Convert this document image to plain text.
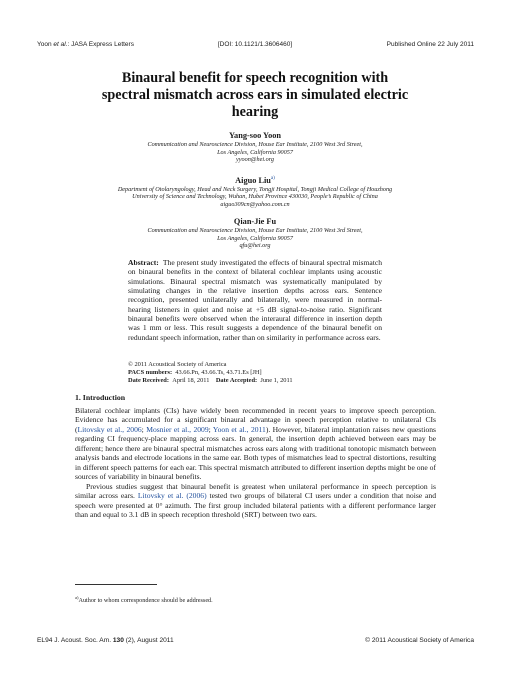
Yoon et al.: JASA Express Letters	[DOI: 10.1121/1.3606460]	Published Online 22 July 2011
Binaural benefit for speech recognition with
spectral mismatch across ears in simulated electric
hearing
Yang-soo Yoon
Communication and Neuroscience Division, House Ear Institute, 2100 West 3rd Street,
Los Angeles, California 90057
yyoon@hei.org
Aiguo Liu$^{a)}$
Department of Otolaryngology, Head and Neck Surgery, Tongji Hospital, Tongji Medical College of Houzhong
University of Science and Technology, Wuhan, Hubei Province 430030, People’s Republic of China
aiguo309cn@yahoo.com.cn
Qian-Jie Fu
Communication and Neuroscience Division, House Ear Institute, 2100 West 3rd Street,
Los Angeles, California 90057
qfu@hei.org
Abstract: The present study investigated the effects of binaural spectral mismatch on binaural benefits in the context of bilateral cochlear implants using acoustic simulations. Binaural spectral mismatch was systematically manipulated by simulating changes in the relative insertion depths across ears. Sentence recognition, presented unilaterally and bilaterally, were measured in normal-hearing listeners in quiet and noise at +5 dB signal-to-noise ratio. Significant binaural benefits were observed when the interaural difference in insertion depth was 1 mm or less. This result suggests a dependence of the binaural benefit on redundant speech information, rather than on similarity in performance across ears.
© 2011 Acoustical Society of America
PACS numbers: 43.66.Pn, 43.66.Ts, 43.71.Es [JH]
Date Received: April 18, 2011 Date Accepted: June 1, 2011
1. Introduction

Bilateral cochlear implants (CIs) have widely been recommended in recent years to improve speech perception. Evidence has accumulated for a significant binaural advantage in speech perception relative to unilateral CIs (Litovsky et al., 2006; Mosnier et al., 2009; Yoon et al., 2011). However, bilateral implantation raises new questions regarding CI frequency-place mapping across ears. In general, the insertion depth achieved between ears may be different; hence there are binaural spectral mismatches across ears along with traditional tonotopic mismatch between analysis bands and electrode locations in the same ear. Both types of mismatches lead to spectral distortions, resulting in different speech patterns for each ear. This spectral mismatch attributed to different insertion depths might be one of sources of variability in binaural benefits.

Previous studies suggest that binaural benefit is greatest when unilateral performance in speech perception is similar across ears. Litovsky et al. (2006) tested two groups of bilateral CI users under a condition that noise and speech were presented at 0° azimuth. The first group included bilateral patients with a different performance larger than and equal to 3.1 dB in speech reception threshold (SRT) between two ears.

$^{a)}$Author to whom correspondence should be addressed.
EL94 J. Acoust. Soc. Am. 130 (2), August 2011	© 2011 Acoustical Society of America
